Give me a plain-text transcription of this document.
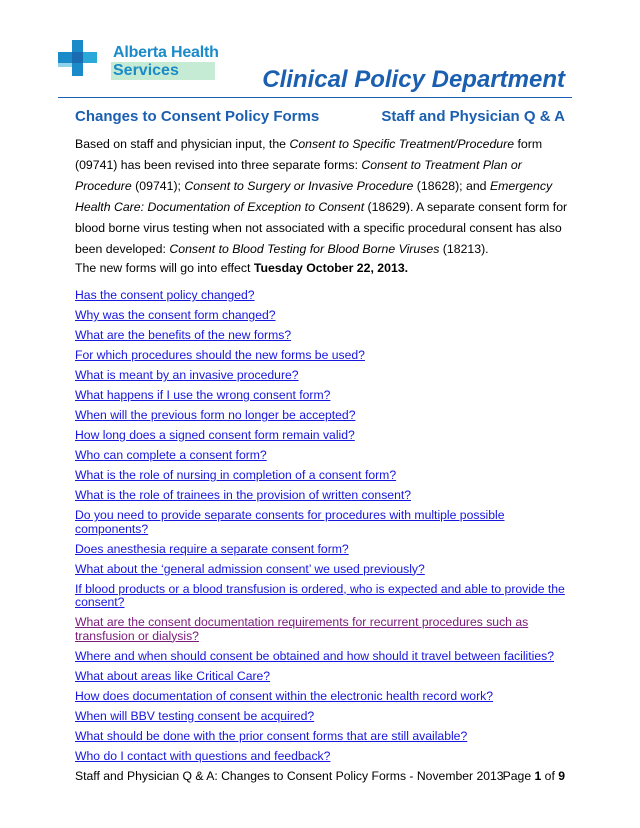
Alberta Health
Services	Clinical Policy Department
Changes to Consent Policy Forms	Staff and Physician Q & A

Based on staff and physician input, the Consent to Specific Treatment/Procedure form (09741) has been revised into three separate forms: Consent to Treatment Plan or Procedure (09741); Consent to Surgery or Invasive Procedure (18628); and Emergency Health Care: Documentation of Exception to Consent (18629). A separate consent form for blood borne virus testing when not associated with a specific procedural consent has also been developed: Consent to Blood Testing for Blood Borne Viruses (18213).

The new forms will go into effect Tuesday October 22, 2013.
Has the consent policy changed?
Why was the consent form changed?
What are the benefits of the new forms?
For which procedures should the new forms be used?
What is meant by an invasive procedure?
What happens if I use the wrong consent form?
When will the previous form no longer be accepted?
How long does a signed consent form remain valid?
Who can complete a consent form?
What is the role of nursing in completion of a consent form?
What is the role of trainees in the provision of written consent?
Do you need to provide separate consents for procedures with multiple possible components?
Does anesthesia require a separate consent form?
What about the ‘general admission consent’ we used previously?
If blood products or a blood transfusion is ordered, who is expected and able to provide the consent?
What are the consent documentation requirements for recurrent procedures such as transfusion or dialysis?
Where and when should consent be obtained and how should it travel between facilities?
What about areas like Critical Care?
How does documentation of consent within the electronic health record work?
When will BBV testing consent be acquired?
What should be done with the prior consent forms that are still available?
Who do I contact with questions and feedback?
Staff and Physician Q & A: Changes to Consent Policy Forms - November 2013 Page 1 of 9
